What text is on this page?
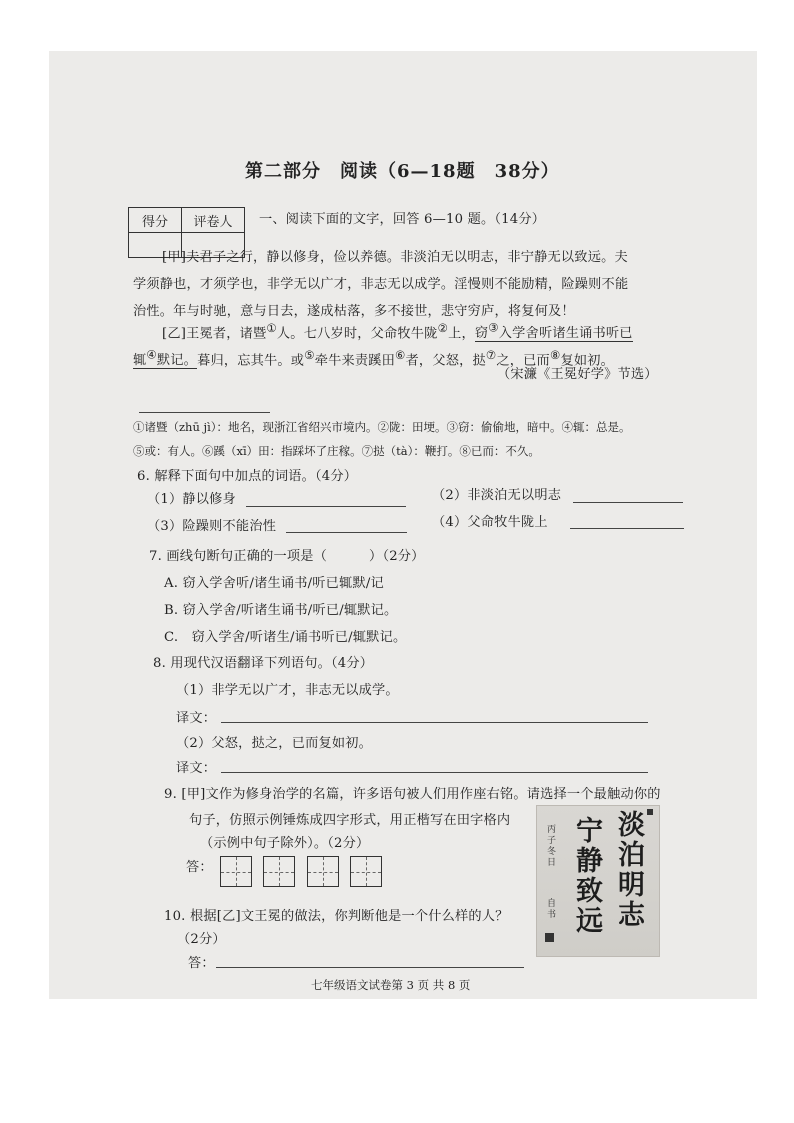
第二部分　阅读（6—18题　38分）
得分	评卷人
	一、阅读下面的文字，回答 6—10 题。（14分）
[甲]夫君子之行，静以修身，俭以养德。非淡泊无以明志，非宁静无以致远。夫
学须静也，才须学也，非学无以广才，非志无以成学。淫慢则不能励精，险躁则不能
治性。年与时驰，意与日去，遂成枯落，多不接世，悲守穷庐，将复何及！
[乙]王冕者，诸暨①人。七八岁时，父命牧牛陇②上，窃③入学舍听诸生诵书听已
辄④默记。暮归，忘其牛。或⑤牵牛来责蹊田⑥者，父怒，挞⑦之，已而⑧复如初。
（宋濂《王冕好学》节选）
①诸暨（zhū jì）：地名，现浙江省绍兴市境内。②陇：田埂。③窃：偷偷地，暗中。④辄：总是。
⑤或：有人。⑥蹊（xī）田：指踩坏了庄稼。⑦挞（tà）：鞭打。⑧已而：不久。
6. 解释下面句中加点的词语。（4分）
（1）静以修身	（2）非淡泊无以明志
（3）险躁则不能治性	（4）父命牧牛陇上
7. 画线句断句正确的一项是（	）（2分）
A. 窃入学舍听/诸生诵书/听已辄默/记
B. 窃入学舍/听诸生诵书/听已/辄默记。
C.　窃入学舍/听诸生/诵书听已/辄默记。
8. 用现代汉语翻译下列语句。（4分）
（1）非学无以广才，非志无以成学。
译文：
（2）父怒，挞之，已而复如初。
译文：
9. [甲]文作为修身治学的名篇，许多语句被人们用作座右铭。请选择一个最触动你的
句子，仿照示例锤炼成四字形式，用正楷写在田字格内
（示例中句子除外）。（2分）
答：
10. 根据[乙]文王冕的做法，你判断他是一个什么样的人？
（2分）
答：
淡泊明志
宁静致远
丙子冬日
自书
七年级语文试卷第 3 页 共 8 页
